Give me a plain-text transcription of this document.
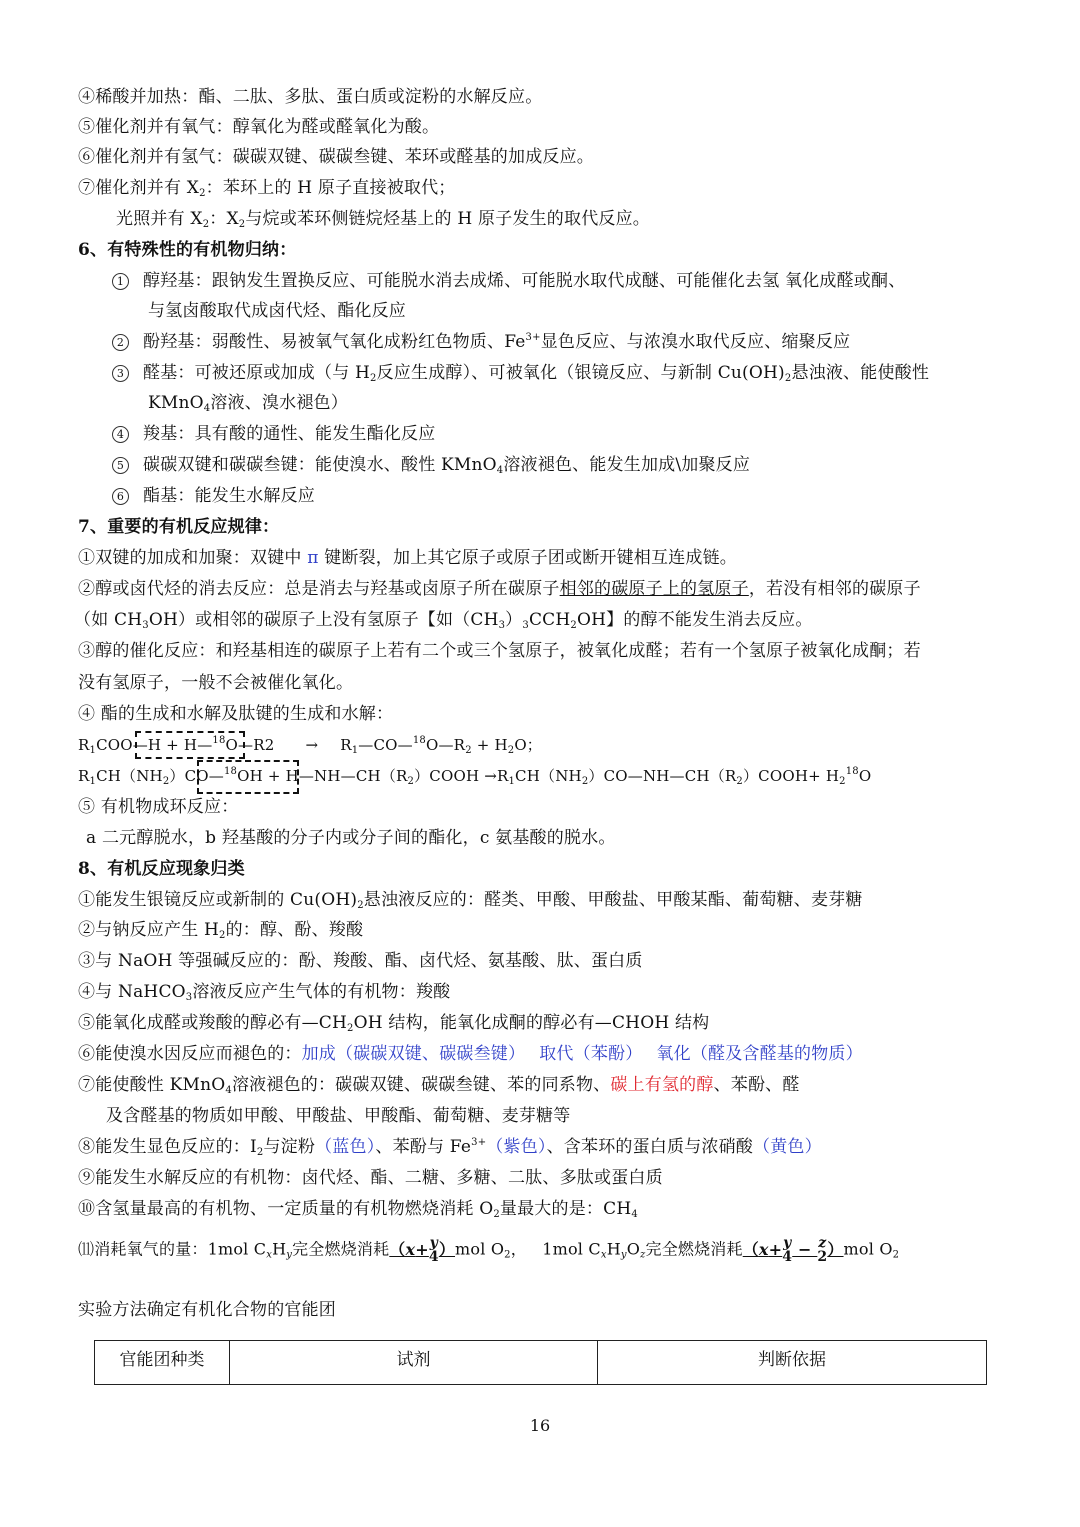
④稀酸并加热：酯、二肽、多肽、蛋白质或淀粉的水解反应。
⑤催化剂并有氧气：醇氧化为醛或醛氧化为酸。
⑥催化剂并有氢气：碳碳双键、碳碳叁键、苯环或醛基的加成反应。
⑦催化剂并有 $X_2$：苯环上的 H 原子直接被取代；
光照并有 $X_2$：$X_2$与烷或苯环侧链烷烃基上的 H 原子发生的取代反应。
6、有特殊性的有机物归纳：
1 醇羟基：跟钠发生置换反应、可能脱水消去成烯、可能脱水取代成醚、可能催化去氢 氧化成醛或酮、
与氢卤酸取代成卤代烃、酯化反应
2 酚羟基：弱酸性、易被氧气氧化成粉红色物质、$Fe^{3+}$显色反应、与浓溴水取代反应、缩聚反应
3 醛基：可被还原或加成（与 $H_2$反应生成醇）、可被氧化（银镜反应、与新制 $Cu(OH)_2$悬浊液、能使酸性
KMnO$_4$溶液、溴水褪色）
4 羧基：具有酸的通性、能发生酯化反应
5 碳碳双键和碳碳叁键：能使溴水、酸性 KMnO$_4$溶液褪色、能发生加成\加聚反应
6 酯基：能发生水解反应
7、重要的有机反应规律：
①双键的加成和加聚：双键中 π 键断裂，加上其它原子或原子团或断开键相互连成链。
②醇或卤代烃的消去反应：总是消去与羟基或卤原子所在碳原子相邻的碳原子上的氢原子，若没有相邻的碳原子
（如 $CH_3OH$）或相邻的碳原子上没有氢原子【如$(CH_3)_3CCH_2OH$】的醇不能发生消去反应。
③醇的催化反应：和羟基相连的碳原子上若有二个或三个氢原子，被氧化成醛；若有一个氢原子被氧化成酮；若
没有氢原子，一般不会被催化氧化。
④ 酯的生成和水解及肽键的生成和水解：
$R_1COO—H$ + H—$^{18}$O—R2 → $R_1—CO—^{18}O—R_2 + H_2O$；
$R_1CH(NH_2)CO—^{18}OH$ + $H—NH—CH(R_2)COOH$ $\to R_1CH(NH_2)CO—NH—CH(R_2)COOH+ H_2^{18}O$
⑤ 有机物成环反应：
a 二元醇脱水，b 羟基酸的分子内或分子间的酯化，c 氨基酸的脱水。
8、有机反应现象归类
①能发生银镜反应或新制的 $Cu(OH)_2$悬浊液反应的：醛类、甲酸、甲酸盐、甲酸某酯、葡萄糖、麦芽糖
②与钠反应产生 $H_2$的：醇、酚、羧酸
③与 NaOH 等强碱反应的：酚、羧酸、酯、卤代烃、氨基酸、肽、蛋白质
④与 NaHCO$_3$溶液反应产生气体的有机物：羧酸
⑤能氧化成醛或羧酸的醇必有$—CH_2OH$ 结构，能氧化成酮的醇必有—CHOH 结构
⑥能使溴水因反应而褪色的：加成（碳碳双键、碳碳叁键） 取代（苯酚） 氧化（醛及含醛基的物质）
⑦能使酸性 KMnO$_4$溶液褪色的：碳碳双键、碳碳叁键、苯的同系物、碳上有氢的醇、苯酚、醛
及含醛基的物质如甲酸、甲酸盐、甲酸酯、葡萄糖、麦芽糖等
⑧能发生显色反应的：$I_2$与淀粉（蓝色）、苯酚与 $Fe^{3+}$（紫色）、含苯环的蛋白质与浓硝酸（黄色）
⑨能发生水解反应的有机物：卤代烃、酯、二糖、多糖、二肽、多肽或蛋白质
⑩含氢量最高的有机物、一定质量的有机物燃烧消耗 $O_2$量最大的是：$CH_4$
⑾消耗氧气的量：1mol $C_xH_y$完全燃烧消耗（x+ y
4 ）mol $O_2$， 1mol $C_xH_yO_z$完全燃烧消耗（x+ y
4 − z
2 ）mol $O_2$
实验方法确定有机化合物的官能团
官能团种类	试剂	判断依据
16
